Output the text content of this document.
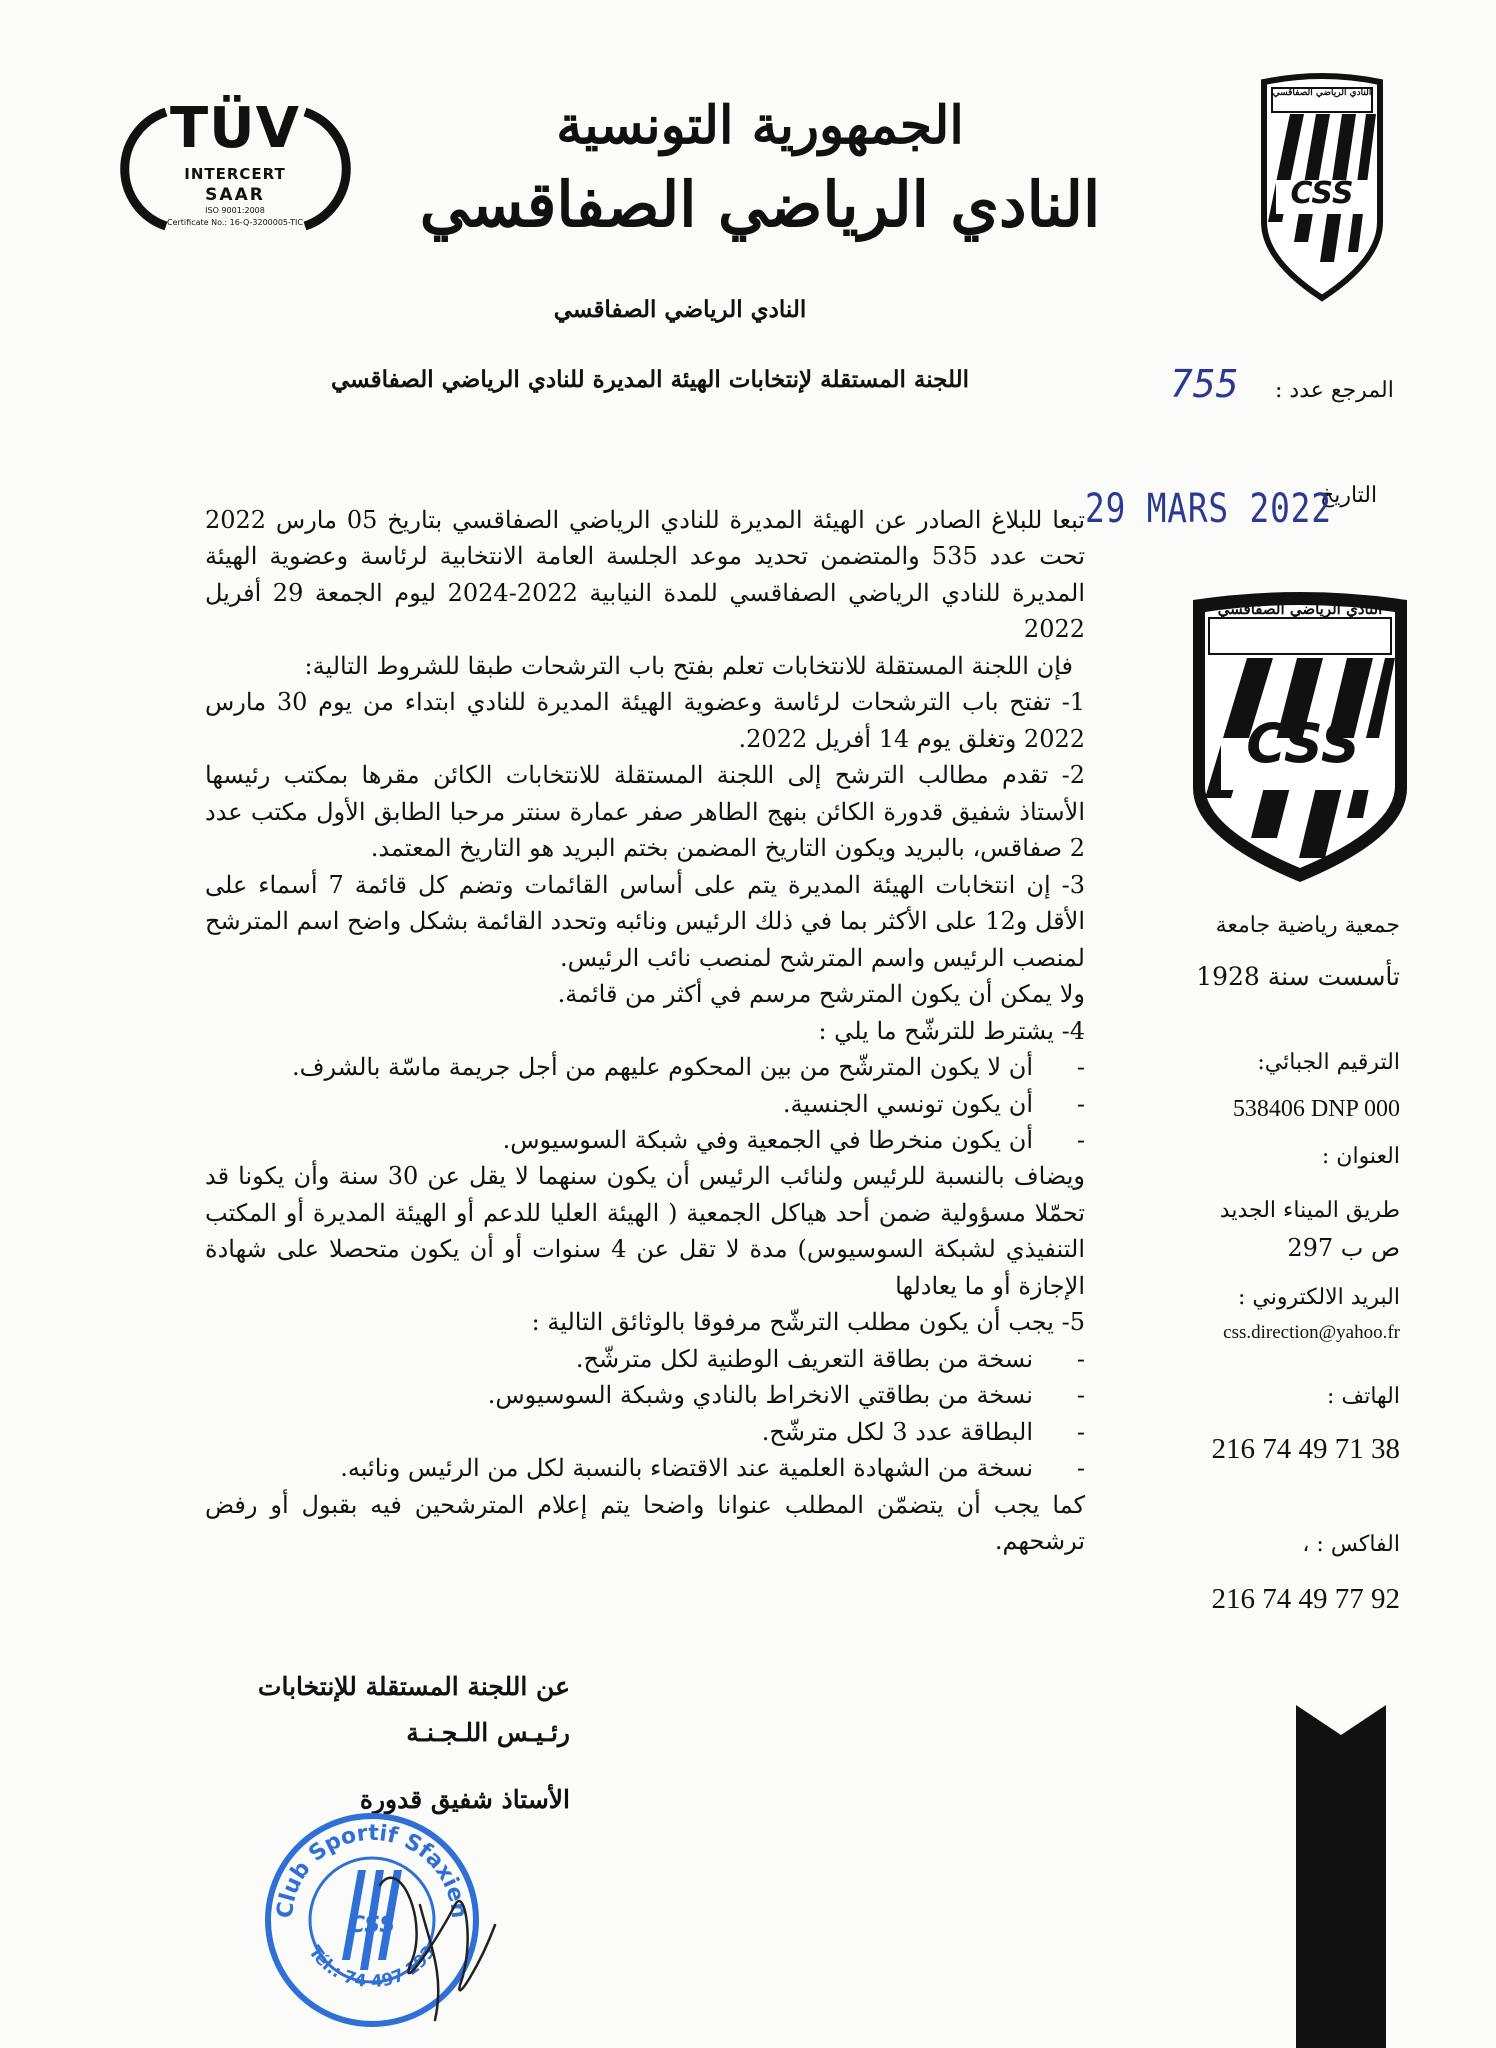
الجمهورية التونسية
النادي الرياضي الصفاقسي
النادي الرياضي الصفاقسي
اللجنة المستقلة لإنتخابات الهيئة المديرة للنادي الرياضي الصفاقسي
TÜV
INTERCERT
SAAR
ISO 9001:2008
Certificate No.: 16-Q-3200005-TIC
النادي الرياضي الصفاقسي
CSS
المرجع عدد :
755
التاريخ
29 MARS 2022

تبعا للبلاغ الصادر عن الهيئة المديرة للنادي الرياضي الصفاقسي بتاريخ 05 مارس 2022 تحت عدد 535 والمتضمن تحديد موعد الجلسة العامة الانتخابية لرئاسة وعضوية الهيئة المديرة للنادي الرياضي الصفاقسي للمدة النيابية 2022-2024 ليوم الجمعة 29 أفريل 2022

فإن اللجنة المستقلة للانتخابات تعلم بفتح باب الترشحات طبقا للشروط التالية:

1- تفتح باب الترشحات لرئاسة وعضوية الهيئة المديرة للنادي ابتداء من يوم 30 مارس 2022 وتغلق يوم 14 أفريل 2022.

2- تقدم مطالب الترشح إلى اللجنة المستقلة للانتخابات الكائن مقرها بمكتب رئيسها الأستاذ شفيق قدورة الكائن بنهج الطاهر صفر عمارة سنتر مرحبا الطابق الأول مكتب عدد 2 صفاقس، بالبريد ويكون التاريخ المضمن بختم البريد هو التاريخ المعتمد.

3- إن انتخابات الهيئة المديرة يتم على أساس القائمات وتضم كل قائمة 7 أسماء على الأقل و12 على الأكثر بما في ذلك الرئيس ونائبه وتحدد القائمة بشكل واضح اسم المترشح لمنصب الرئيس واسم المترشح لمنصب نائب الرئيس.

ولا يمكن أن يكون المترشح مرسم في أكثر من قائمة.

4- يشترط للترشّح ما يلي :

- أن لا يكون المترشّح من بين المحكوم عليهم من أجل جريمة ماسّة بالشرف.

- أن يكون تونسي الجنسية.

- أن يكون منخرطا في الجمعية وفي شبكة السوسيوس.

ويضاف بالنسبة للرئيس ولنائب الرئيس أن يكون سنهما لا يقل عن 30 سنة وأن يكونا قد تحمّلا مسؤولية ضمن أحد هياكل الجمعية ( الهيئة العليا للدعم أو الهيئة المديرة أو المكتب التنفيذي لشبكة السوسيوس) مدة لا تقل عن 4 سنوات أو أن يكون متحصلا على شهادة الإجازة أو ما يعادلها

5- يجب أن يكون مطلب الترشّح مرفوقا بالوثائق التالية :

- نسخة من بطاقة التعريف الوطنية لكل مترشّح.

- نسخة من بطاقتي الانخراط بالنادي وشبكة السوسيوس.

- البطاقة عدد 3 لكل مترشّح.

- نسخة من الشهادة العلمية عند الاقتضاء بالنسبة لكل من الرئيس ونائبه.

كما يجب أن يتضمّن المطلب عنوانا واضحا يتم إعلام المترشحين فيه بقبول أو رفض ترشحهم.

النادي الرياضي الصفاقسي
CSS
جمعية رياضية جامعة
تأسست سنة 1928
الترقيم الجبائي:
538406 DNP 000
العنوان :
طريق الميناء الجديد
ص ب 297
البريد الالكتروني :
css.direction@yahoo.fr
الهاتف :
216 74 49 71 38
الفاكس : ،
216 74 49 77 92
عن اللجنة المستقلة للإنتخابات
رئـيـس اللـجـنـة
الأستاذ شفيق قدورة
Club Sportif Sfaxien
Tél.: 74 497 193
CSS
